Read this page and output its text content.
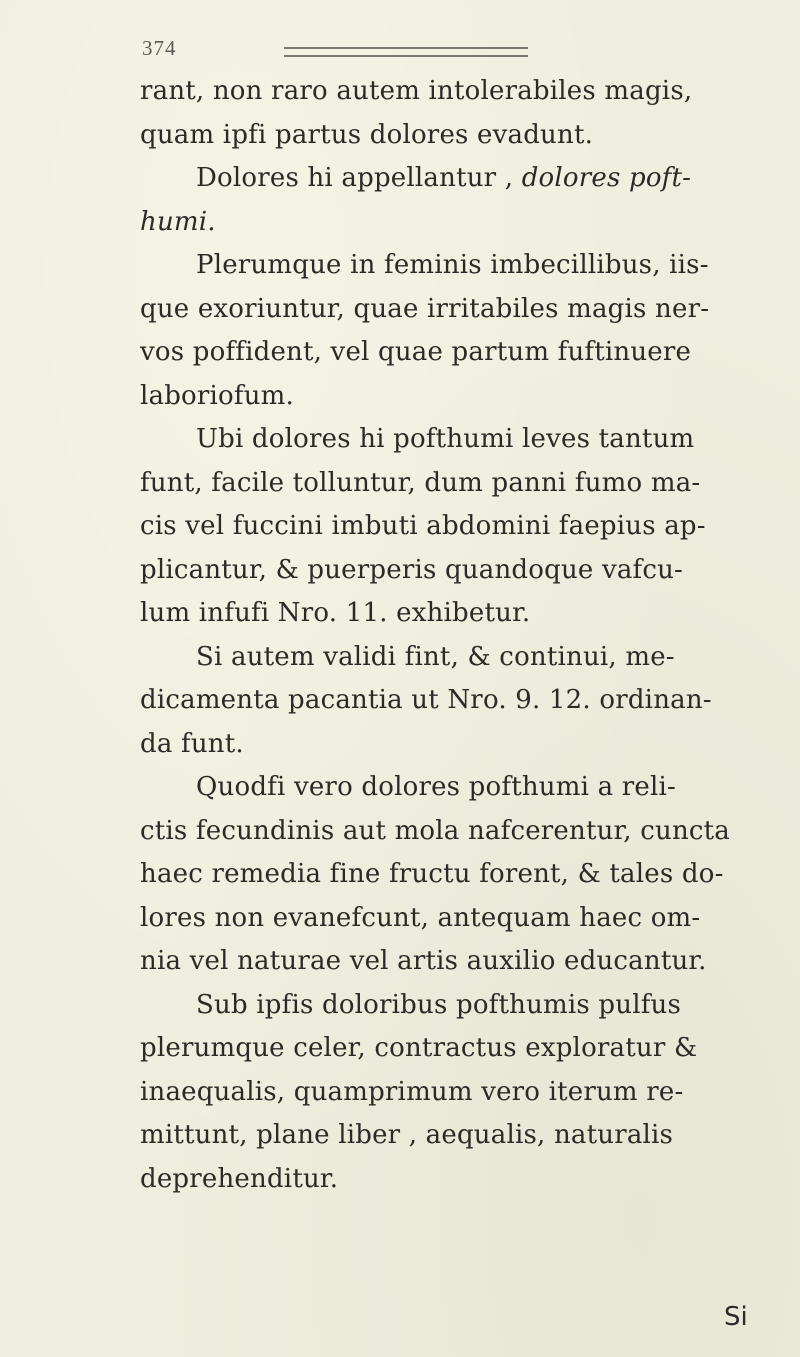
374
rant, non raro autem intolerabiles magis,
quam ipfi partus dolores evadunt.
Dolores hi appellantur , dolores poft-
humi.
Plerumque in feminis imbecillibus, iis-
que exoriuntur, quae irritabiles magis ner-
vos poffident, vel quae partum fuftinuere
laboriofum.
Ubi dolores hi pofthumi leves tantum
funt, facile tolluntur, dum panni fumo ma-
cis vel fuccini imbuti abdomini faepius ap-
plicantur, & puerperis quandoque vafcu-
lum infufi Nro. 11. exhibetur.
Si autem validi fint, & continui, me-
dicamenta pacantia ut Nro. 9. 12. ordinan-
da funt.
Quodfi vero dolores pofthumi a reli-
ctis fecundinis aut mola nafcerentur, cuncta
haec remedia fine fructu forent, & tales do-
lores non evanefcunt, antequam haec om-
nia vel naturae vel artis auxilio educantur.
Sub ipfis doloribus pofthumis pulfus
plerumque celer, contractus exploratur &
inaequalis, quamprimum vero iterum re-
mittunt, plane liber , aequalis, naturalis
deprehenditur.
Si
